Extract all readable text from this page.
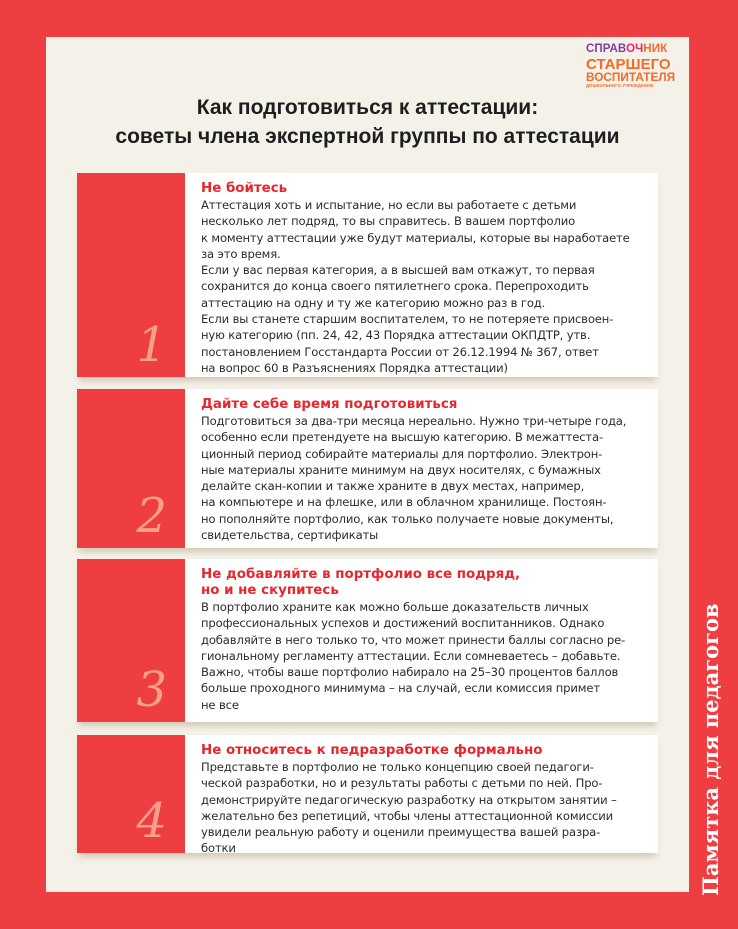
СПРАВОЧНИК
СТАРШЕГО
ВОСПИТАТЕЛЯ
ДОШКОЛЬНОГО УЧРЕЖДЕНИЯ
Как подготовиться к аттестации:
советы члена экспертной группы по аттестации
1
Не бойтесь

Аттестация хоть и испытание, но если вы работаете с детьми
несколько лет подряд, то вы справитесь. В вашем портфолио
к моменту аттестации уже будут материалы, которые вы наработаете
за это время.
Если у вас первая категория, а в высшей вам откажут, то первая
сохранится до конца своего пятилетнего срока. Перепроходить
аттестацию на одну и ту же категорию можно раз в год.
Если вы станете старшим воспитателем, то не потеряете присвоен-
ную категорию (пп. 24, 42, 43 Порядка аттестации ОКПДТР, утв.
постановлением Госстандарта России от 26.12.1994 № 367, ответ
на вопрос 60 в Разъяснениях Порядка аттестации)

2
Дайте себе время подготовиться

Подготовиться за два-три месяца нереально. Нужно три-четыре года,
особенно если претендуете на высшую категорию. В межаттеста-
ционный период собирайте материалы для портфолио. Электрон-
ные материалы храните минимум на двух носителях, с бумажных
делайте скан-копии и также храните в двух местах, например,
на компьютере и на флешке, или в облачном хранилище. Постоян-
но пополняйте портфолио, как только получаете новые документы,
свидетельства, сертификаты

3
Не добавляйте в портфолио все подряд,
но и не скупитесь

В портфолио храните как можно больше доказательств личных
профессиональных успехов и достижений воспитанников. Однако
добавляйте в него только то, что может принести баллы согласно ре-
гиональному регламенту аттестации. Если сомневаетесь – добавьте.
Важно, чтобы ваше портфолио набирало на 25–30 процентов баллов
больше проходного минимума – на случай, если комиссия примет
не все

4
Не относитесь к педразработке формально

Представьте в портфолио не только концепцию своей педагоги-
ческой разработки, но и результаты работы с детьми по ней. Про-
демонстрируйте педагогическую разработку на открытом занятии –
желательно без репетиций, чтобы члены аттестационной комиссии
увидели реальную работу и оценили преимущества вашей разра-
ботки	Памятка для педагогов
